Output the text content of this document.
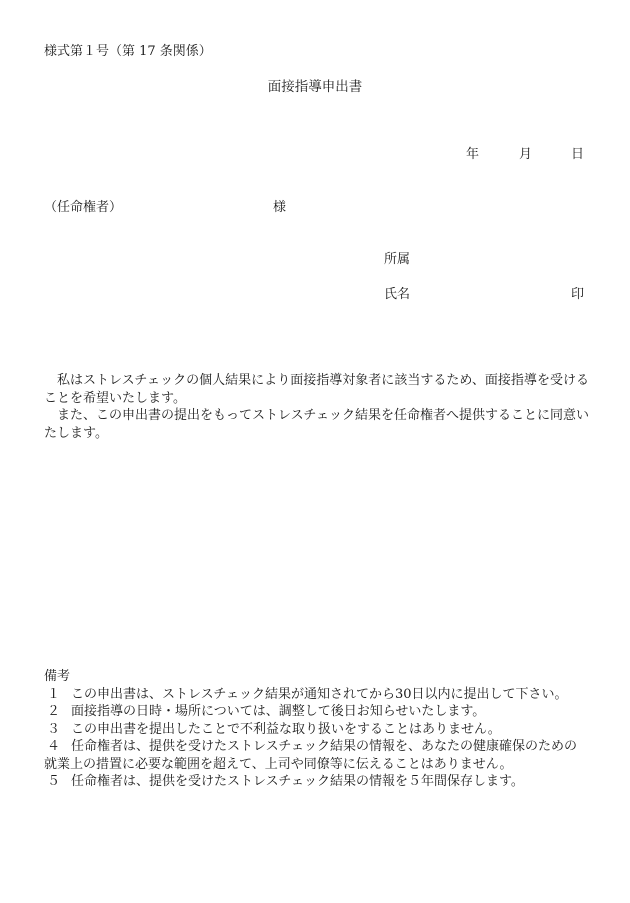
様式第１号（第 17 条関係）
面接指導申出書
年	月	日
（任命権者）	様
所属
氏名	印

私はストレスチェックの個人結果により面接指導対象者に該当するため、面接指導を受けることを希望いたします。

また、この申出書の提出をもってストレスチェック結果を任命権者へ提供することに同意いたします。

備考

１ この申出書は、ストレスチェック結果が通知されてから30日以内に提出して下さい。

２ 面接指導の日時・場所については、調整して後日お知らせいたします。

３ この申出書を提出したことで不利益な取り扱いをすることはありません。

４ 任命権者は、提供を受けたストレスチェック結果の情報を、あなたの健康確保のための就業上の措置に必要な範囲を超えて、上司や同僚等に伝えることはありません。

５ 任命権者は、提供を受けたストレスチェック結果の情報を５年間保存します。
